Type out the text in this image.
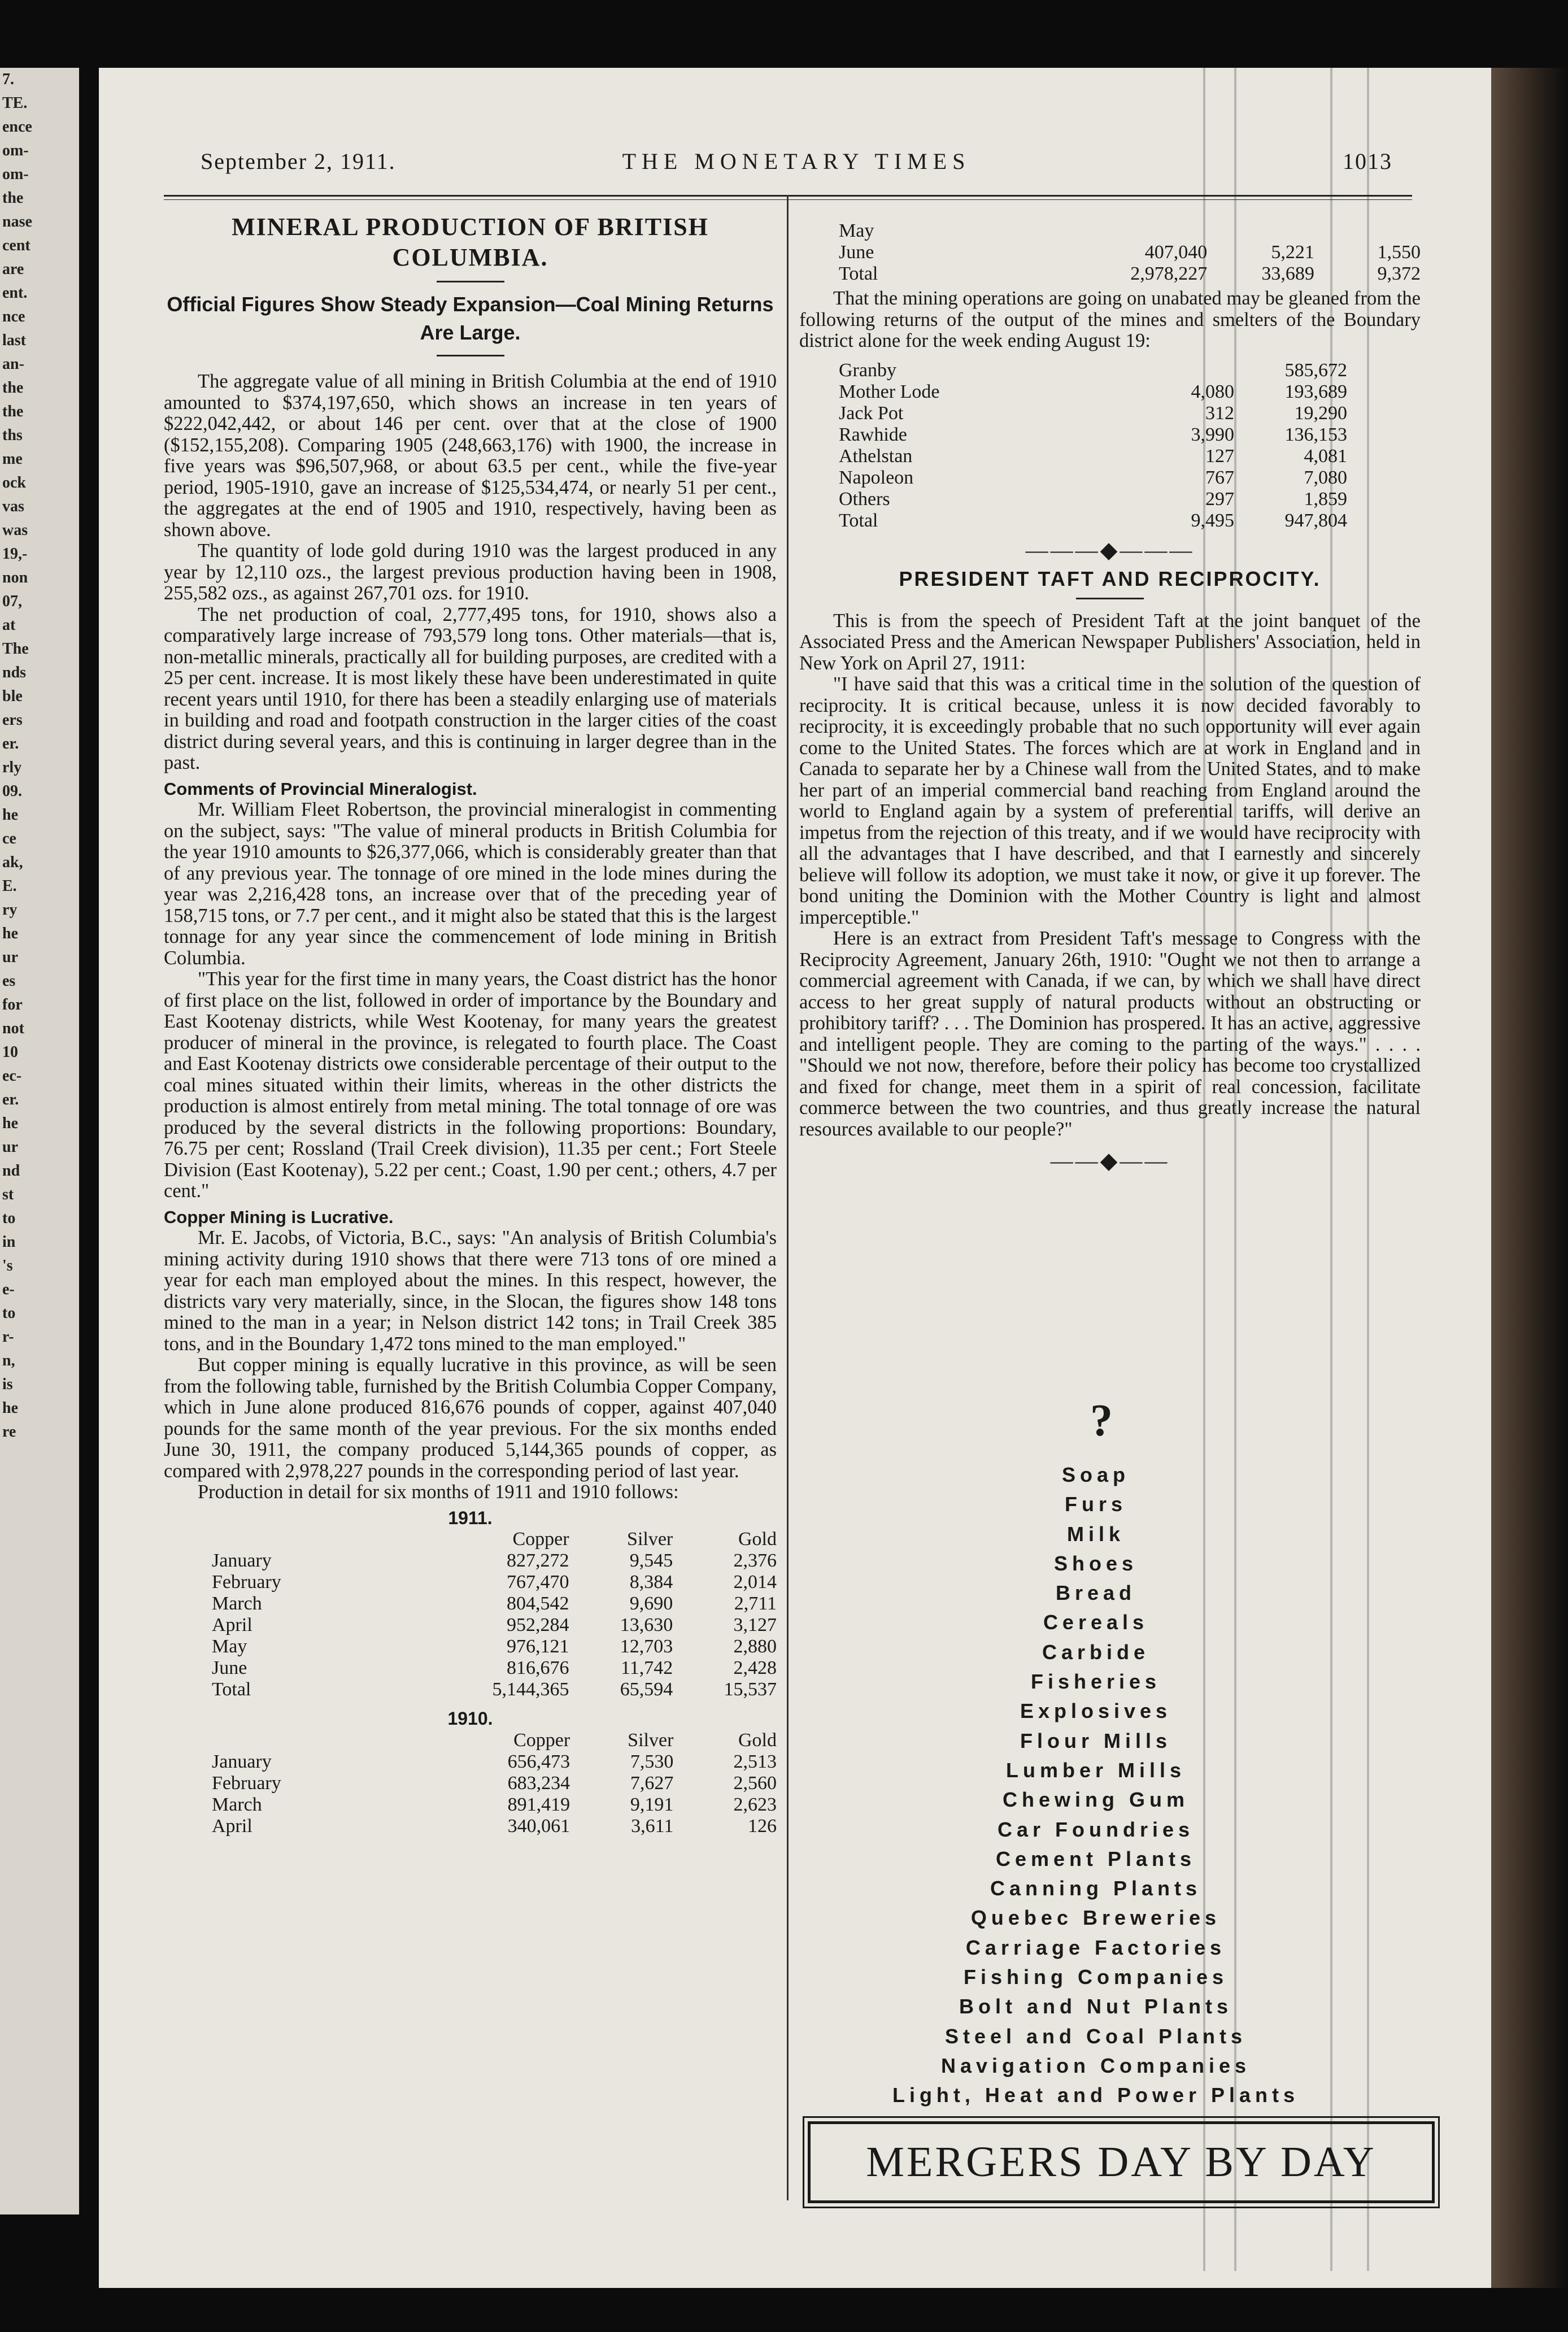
7.
TE.
ence
om-
om-
the
nase
cent
are
ent.
nce
last
an-
the
the
ths
me
ock
vas
was
19,-
non
07,
at
The
nds
ble
ers
er.
rly
09.
he
ce
ak,
E.
ry
he
ur
es
for
not
10
ec-
er.
he
ur
nd
st
to
in
's
e-
to
r-
n,
is
he
re
September 2, 1911.	THE MONETARY TIMES	1013
MINERAL PRODUCTION OF BRITISH COLUMBIA.
Official Figures Show Steady Expansion—Coal Mining Returns Are Large.

The aggregate value of all mining in British Columbia at the end of 1910 amounted to $374,197,650, which shows an increase in ten years of $222,042,442, or about 146 per cent. over that at the close of 1900 ($152,155,208). Comparing 1905 (248,663,176) with 1900, the increase in five years was $96,507,968, or about 63.5 per cent., while the five-year period, 1905-1910, gave an increase of $125,534,474, or nearly 51 per cent., the aggregates at the end of 1905 and 1910, respectively, having been as shown above.

The quantity of lode gold during 1910 was the largest produced in any year by 12,110 ozs., the largest previous production having been in 1908, 255,582 ozs., as against 267,701 ozs. for 1910.

The net production of coal, 2,777,495 tons, for 1910, shows also a comparatively large increase of 793,579 long tons. Other materials—that is, non-metallic minerals, practically all for building purposes, are credited with a 25 per cent. increase. It is most likely these have been underestimated in quite recent years until 1910, for there has been a steadily enlarging use of materials in building and road and footpath construction in the larger cities of the coast district during several years, and this is continuing in larger degree than in the past.

Comments of Provincial Mineralogist.

Mr. William Fleet Robertson, the provincial mineralogist in commenting on the subject, says: "The value of mineral products in British Columbia for the year 1910 amounts to $26,377,066, which is considerably greater than that of any previous year. The tonnage of ore mined in the lode mines during the year was 2,216,428 tons, an increase over that of the preceding year of 158,715 tons, or 7.7 per cent., and it might also be stated that this is the largest tonnage for any year since the commencement of lode mining in British Columbia.

"This year for the first time in many years, the Coast district has the honor of first place on the list, followed in order of importance by the Boundary and East Kootenay districts, while West Kootenay, for many years the greatest producer of mineral in the province, is relegated to fourth place. The Coast and East Kootenay districts owe considerable percentage of their output to the coal mines situated within their limits, whereas in the other districts the production is almost entirely from metal mining. The total tonnage of ore was produced by the several districts in the following proportions: Boundary, 76.75 per cent; Rossland (Trail Creek division), 11.35 per cent.; Fort Steele Division (East Kootenay), 5.22 per cent.; Coast, 1.90 per cent.; others, 4.7 per cent."

Copper Mining is Lucrative.

Mr. E. Jacobs, of Victoria, B.C., says: "An analysis of British Columbia's mining activity during 1910 shows that there were 713 tons of ore mined a year for each man employed about the mines. In this respect, however, the districts vary very materially, since, in the Slocan, the figures show 148 tons mined to the man in a year; in Nelson district 142 tons; in Trail Creek 385 tons, and in the Boundary 1,472 tons mined to the man employed."

But copper mining is equally lucrative in this province, as will be seen from the following table, furnished by the British Columbia Copper Company, which in June alone produced 816,676 pounds of copper, against 407,040 pounds for the same month of the year previous. For the six months ended June 30, 1911, the company produced 5,144,365 pounds of copper, as compared with 2,978,227 pounds in the corresponding period of last year.

Production in detail for six months of 1911 and 1910 follows:

1911.
	Copper	Silver	Gold
January	827,272	9,545	2,376
February	767,470	8,384	2,014
March	804,542	9,690	2,711
April	952,284	13,630	3,127
May	976,121	12,703	2,880
June	816,676	11,742	2,428
Total	5,144,365	65,594	15,537
1910.
	Copper	Silver	Gold
January	656,473	7,530	2,513
February	683,234	7,627	2,560
March	891,419	9,191	2,623
April	340,061	3,611	126
May			
June	407,040	5,221	1,550
Total	2,978,227	33,689	9,372

That the mining operations are going on unabated may be gleaned from the following returns of the output of the mines and smelters of the Boundary district alone for the week ending August 19:

Granby		585,672
Mother Lode	4,080	193,689
Jack Pot	312	19,290
Rawhide	3,990	136,153
Athelstan	127	4,081
Napoleon	767	7,080
Others	297	1,859
Total	9,495	947,804
———◆———
PRESIDENT TAFT AND RECIPROCITY.

This is from the speech of President Taft at the joint banquet of the Associated Press and the American Newspaper Publishers' Association, held in New York on April 27, 1911:

"I have said that this was a critical time in the solution of the question of reciprocity. It is critical because, unless it is now decided favorably to reciprocity, it is exceedingly probable that no such opportunity will ever again come to the United States. The forces which are at work in England and in Canada to separate her by a Chinese wall from the United States, and to make her part of an imperial commercial band reaching from England around the world to England again by a system of preferential tariffs, will derive an impetus from the rejection of this treaty, and if we would have reciprocity with all the advantages that I have described, and that I earnestly and sincerely believe will follow its adoption, we must take it now, or give it up forever. The bond uniting the Dominion with the Mother Country is light and almost imperceptible."

Here is an extract from President Taft's message to Congress with the Reciprocity Agreement, January 26th, 1910: "Ought we not then to arrange a commercial agreement with Canada, if we can, by which we shall have direct access to her great supply of natural products without an obstructing or prohibitory tariff? . . . The Dominion has prospered. It has an active, aggressive and intelligent people. They are coming to the parting of the ways." . . . . "Should we not now, therefore, before their policy has become too crystallized and fixed for change, meet them in a spirit of real concession, facilitate commerce between the two countries, and thus greatly increase the natural resources available to our people?"

——◆——
?
Soap
Furs
Milk
Shoes
Bread
Cereals
Carbide
Fisheries
Explosives
Flour Mills
Lumber Mills
Chewing Gum
Car Foundries
Cement Plants
Canning Plants
Quebec Breweries
Carriage Factories
Fishing Companies
Bolt and Nut Plants
Steel and Coal Plants
Navigation Companies
Light, Heat and Power Plants
MERGERS DAY BY DAY
